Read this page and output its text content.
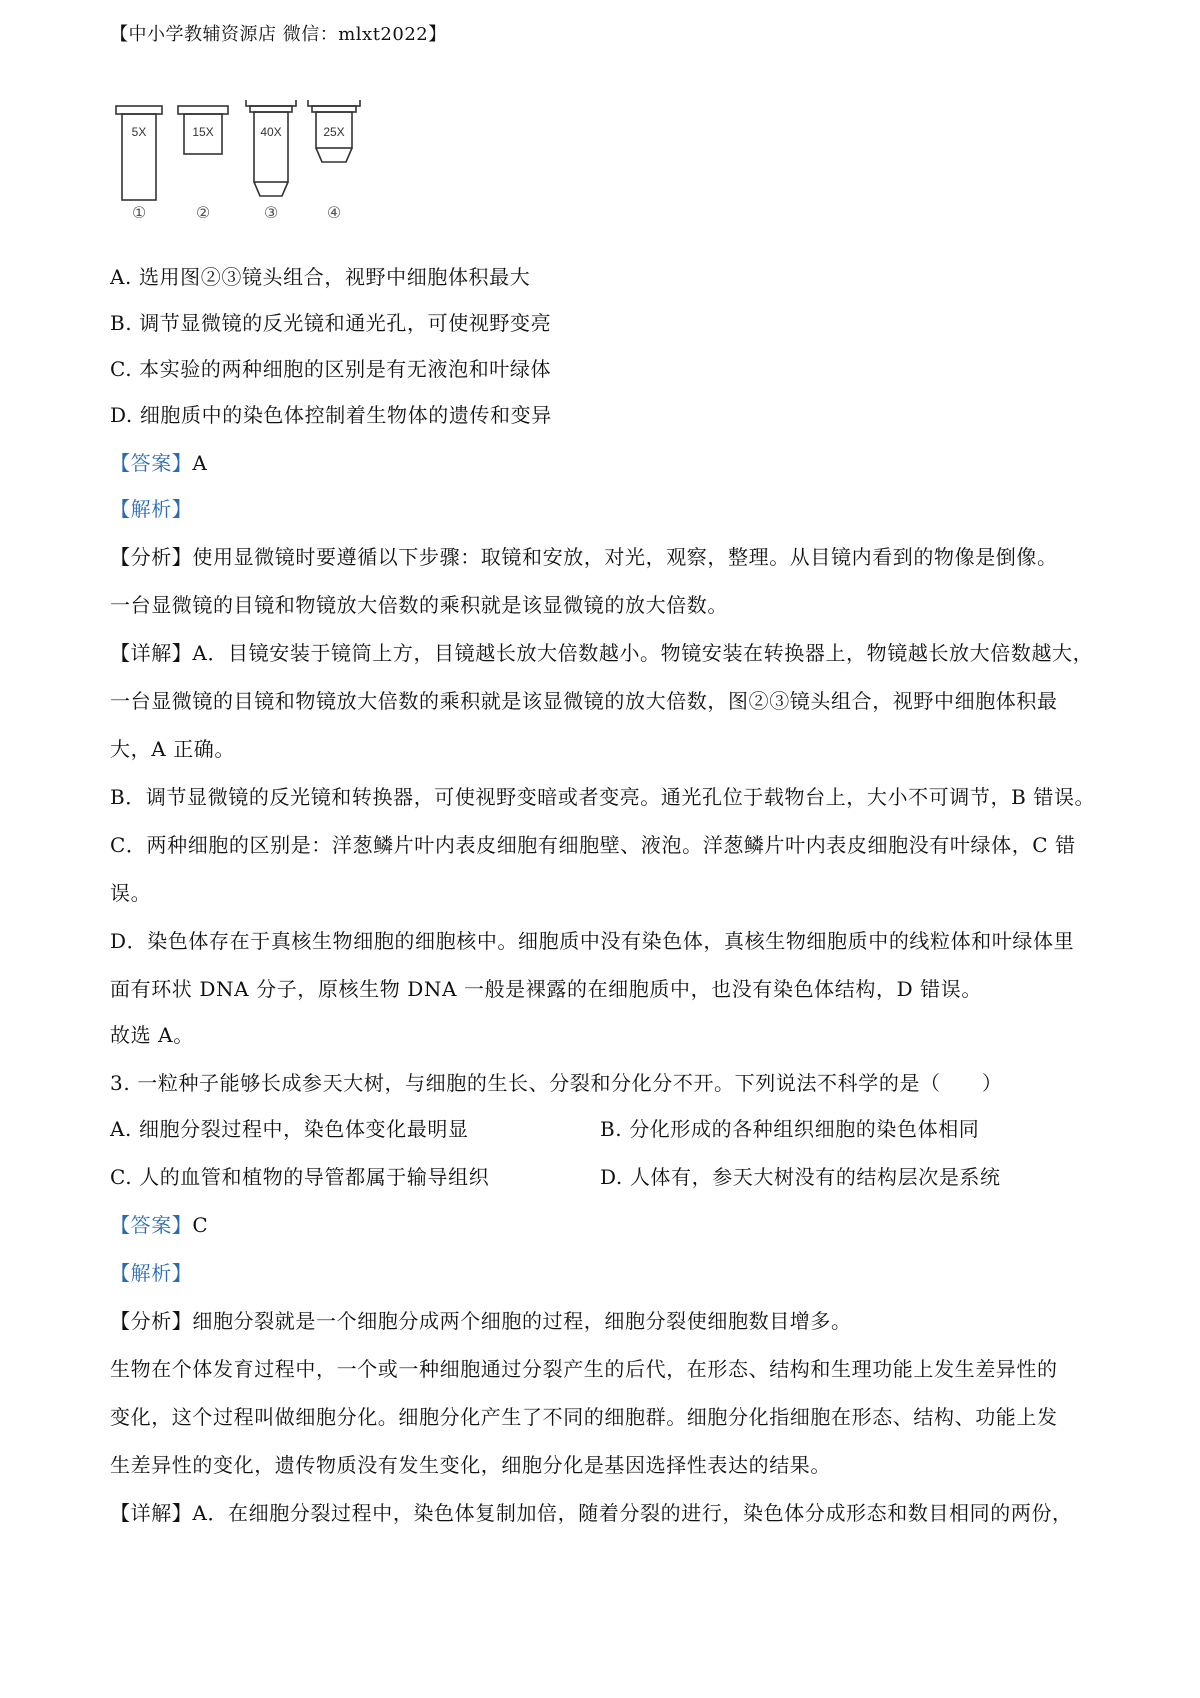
【中小学教辅资源店 微信：mlxt2022】
5X	15X	40X	25X
①	②	③	④
A. 选用图②③镜头组合，视野中细胞体积最大
B. 调节显微镜的反光镜和通光孔，可使视野变亮
C. 本实验的两种细胞的区别是有无液泡和叶绿体
D. 细胞质中的染色体控制着生物体的遗传和变异
【答案】A
【解析】
【分析】使用显微镜时要遵循以下步骤：取镜和安放，对光，观察，整理。从目镜内看到的物像是倒像。
一台显微镜的目镜和物镜放大倍数的乘积就是该显微镜的放大倍数。
【详解】A．目镜安装于镜筒上方，目镜越长放大倍数越小。物镜安装在转换器上，物镜越长放大倍数越大，
一台显微镜的目镜和物镜放大倍数的乘积就是该显微镜的放大倍数，图②③镜头组合，视野中细胞体积最
大，A 正确。
B．调节显微镜的反光镜和转换器，可使视野变暗或者变亮。通光孔位于载物台上，大小不可调节，B 错误。
C．两种细胞的区别是：洋葱鳞片叶内表皮细胞有细胞壁、液泡。洋葱鳞片叶内表皮细胞没有叶绿体，C 错
误。
D．染色体存在于真核生物细胞的细胞核中。细胞质中没有染色体，真核生物细胞质中的线粒体和叶绿体里
面有环状 DNA 分子，原核生物 DNA 一般是裸露的在细胞质中，也没有染色体结构，D 错误。
故选 A。
3. 一粒种子能够长成参天大树，与细胞的生长、分裂和分化分不开。下列说法不科学的是（　　）
A. 细胞分裂过程中，染色体变化最明显	B. 分化形成的各种组织细胞的染色体相同
C. 人的血管和植物的导管都属于输导组织	D. 人体有，参天大树没有的结构层次是系统
【答案】C
【解析】
【分析】细胞分裂就是一个细胞分成两个细胞的过程，细胞分裂使细胞数目增多。
生物在个体发育过程中，一个或一种细胞通过分裂产生的后代，在形态、结构和生理功能上发生差异性的
变化，这个过程叫做细胞分化。细胞分化产生了不同的细胞群。细胞分化指细胞在形态、结构、功能上发
生差异性的变化，遗传物质没有发生变化，细胞分化是基因选择性表达的结果。
【详解】A．在细胞分裂过程中，染色体复制加倍，随着分裂的进行，染色体分成形态和数目相同的两份，
